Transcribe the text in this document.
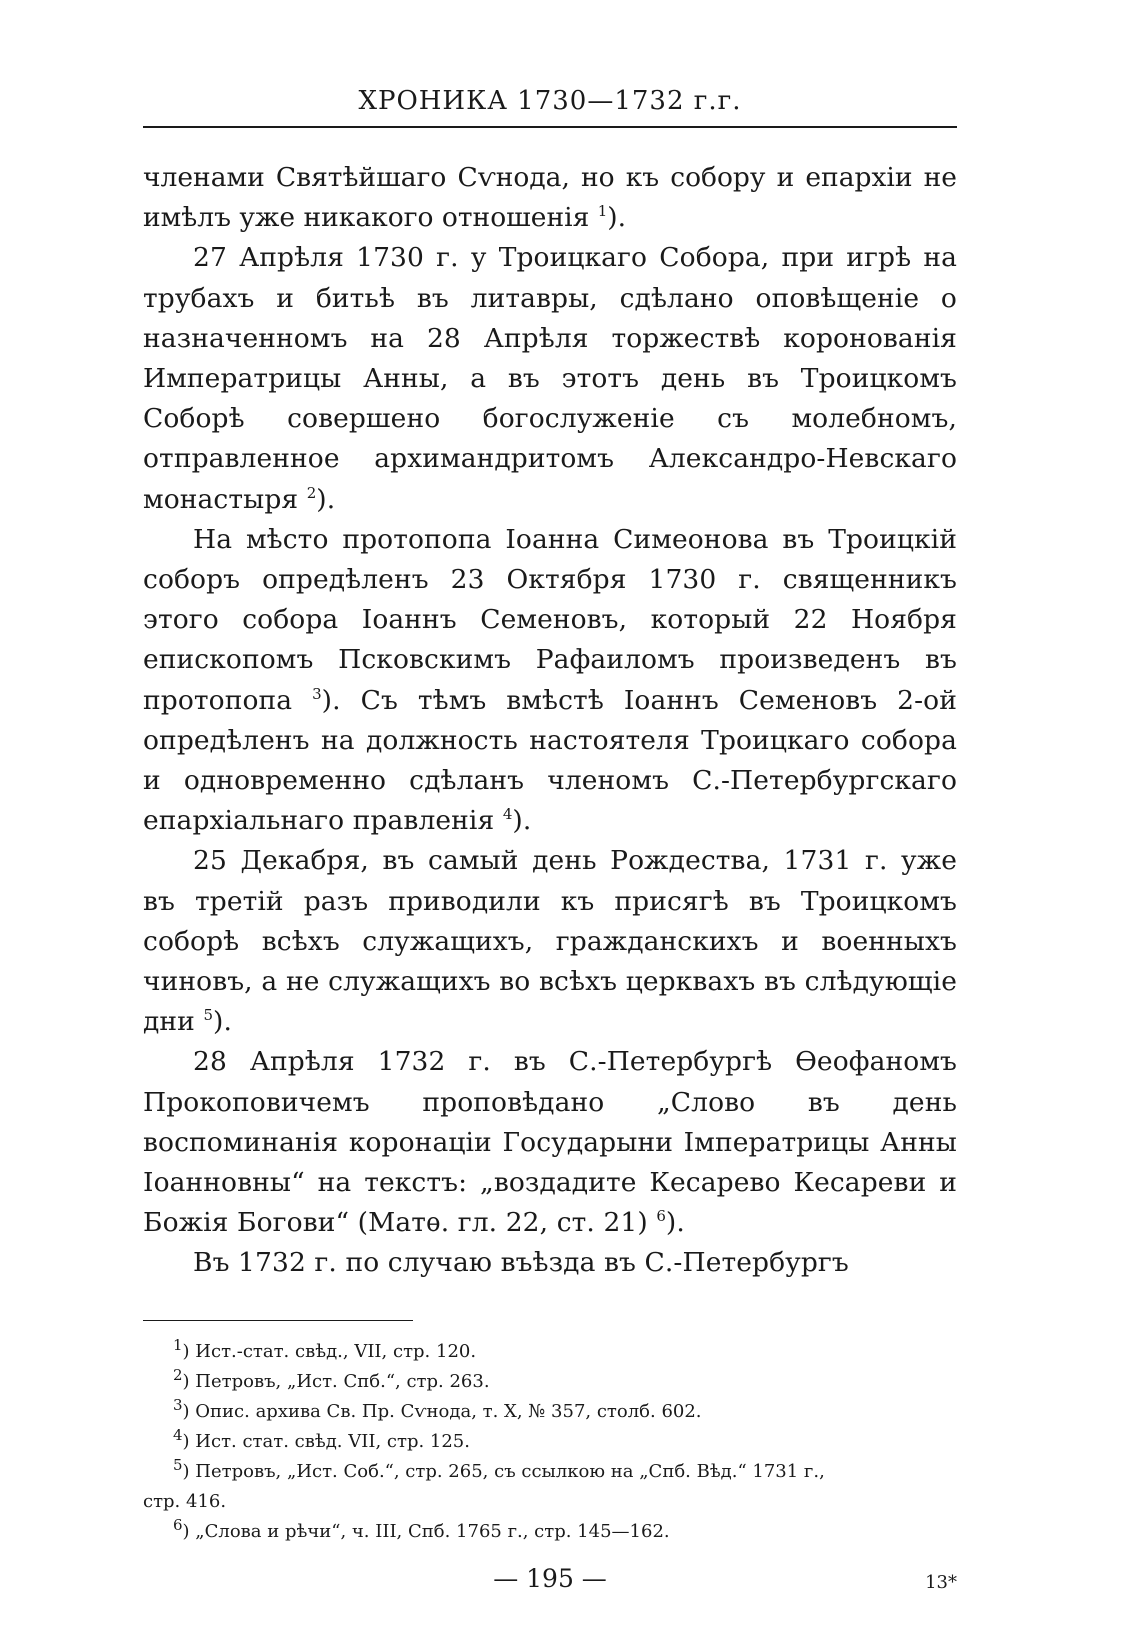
ХРОНИКА 1730—1732 г.г.

членами Святѣйшаго Сѵнода, но къ собору и епархіи не имѣлъ уже никакого отношенія $^1$).

27 Апрѣля 1730 г. у Троицкаго Собора, при игрѣ на трубахъ и битьѣ въ литавры, сдѣлано оповѣщеніе о назначенномъ на 28 Апрѣля торжествѣ коронованія Императрицы Анны, а въ этотъ день въ Троицкомъ Соборѣ совершено богослуженіе съ молебномъ, отправленное архимандритомъ Александро-Невскаго монастыря $^2$).

На мѣсто протопопа Іоанна Симеонова въ Троицкій соборъ опредѣленъ 23 Октября 1730 г. священникъ этого собора Іоаннъ Семеновъ, который 22 Ноября епископомъ Псковскимъ Рафаиломъ произведенъ въ протопопа $^3$). Съ тѣмъ вмѣстѣ Іоаннъ Семеновъ 2-ой опредѣленъ на должность настоятеля Троицкаго собора и одновременно сдѣланъ членомъ С.-Петербургскаго епархіальнаго правленія $^4$).

25 Декабря, въ самый день Рождества, 1731 г. уже въ третій разъ приводили къ присягѣ въ Троицкомъ соборѣ всѣхъ служащихъ, гражданскихъ и военныхъ чиновъ, а не служащихъ во всѣхъ церквахъ въ слѣдующіе дни $^5$).

28 Апрѣля 1732 г. въ С.-Петербургѣ Ѳеофаномъ Прокоповичемъ проповѣдано „Слово въ день воспоминанія коронаціи Государыни Імператрицы Анны Іоанновны“ на текстъ: „воздадите Кесарево Кесареви и Божія Богови“ (Матѳ. гл. 22, ст. 21) $^6$).

Въ 1732 г. по случаю въѣзда въ С.-Петербургъ

$^1$) Ист.-стат. свѣд., VII, стр. 120.

$^2$) Петровъ, „Ист. Спб.“, стр. 263.

$^3$) Опис. архива Св. Пр. Сѵнода, т. X, № 357, столб. 602.

$^4$) Ист. стат. свѣд. VII, стр. 125.

$^5$) Петровъ, „Ист. Соб.“, стр. 265, съ ссылкою на „Спб. Вѣд.“ 1731 г.,

стр. 416.

$^6$) „Слова и рѣчи“, ч. III, Спб. 1765 г., стр. 145—162.

— 195 —	13*
